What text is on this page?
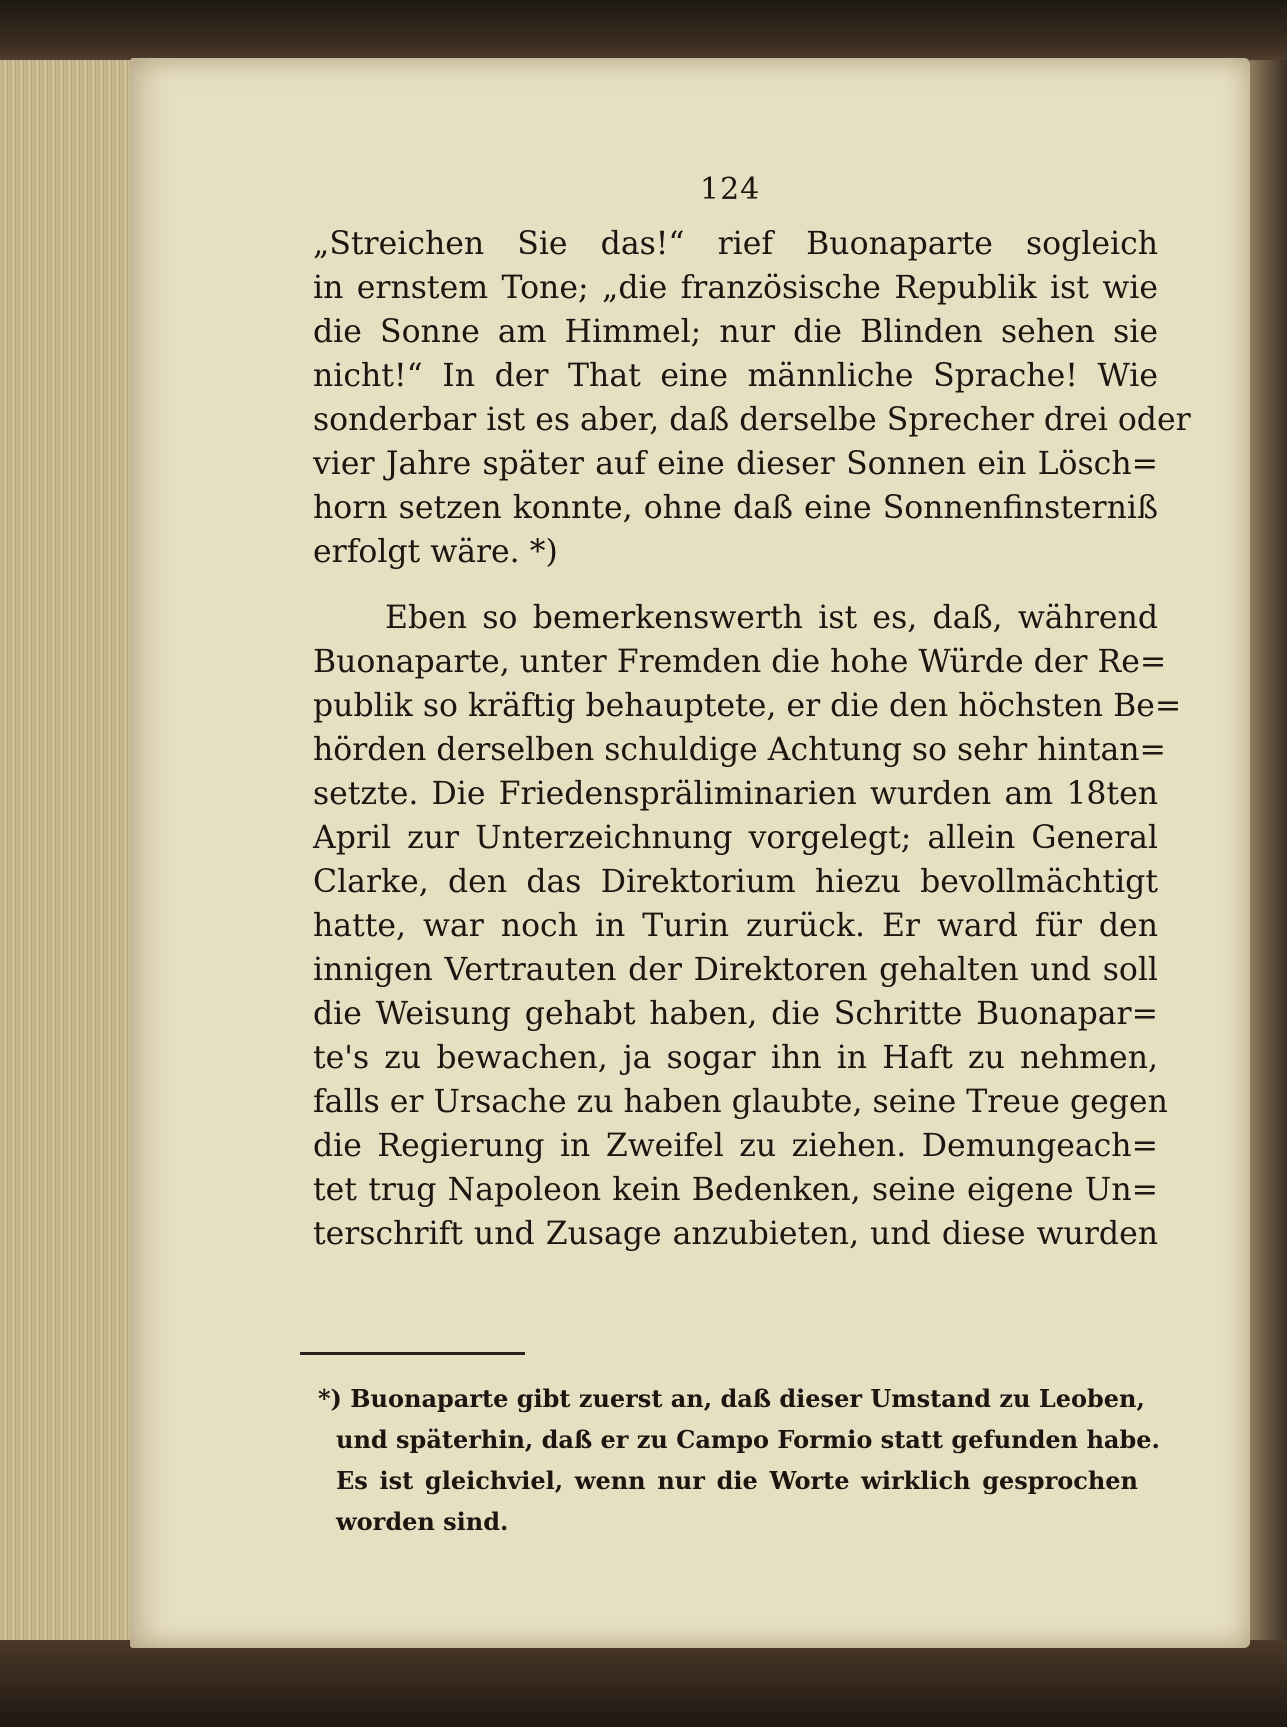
124
„Streichen Sie das!“ rief Buonaparte sogleich
in ernstem Tone; „die französische Republik ist wie
die Sonne am Himmel; nur die Blinden sehen sie
nicht!“ In der That eine männliche Sprache! Wie
sonderbar ist es aber, daß derselbe Sprecher drei oder
vier Jahre später auf eine dieser Sonnen ein Lösch=
horn setzen konnte, ohne daß eine Sonnenfinsterniß
erfolgt wäre. *)
Eben so bemerkenswerth ist es, daß, während
Buonaparte, unter Fremden die hohe Würde der Re=
publik so kräftig behauptete, er die den höchsten Be=
hörden derselben schuldige Achtung so sehr hintan=
setzte. Die Friedenspräliminarien wurden am 18ten
April zur Unterzeichnung vorgelegt; allein General
Clarke, den das Direktorium hiezu bevollmächtigt
hatte, war noch in Turin zurück. Er ward für den
innigen Vertrauten der Direktoren gehalten und soll
die Weisung gehabt haben, die Schritte Buonapar=
te's zu bewachen, ja sogar ihn in Haft zu nehmen,
falls er Ursache zu haben glaubte, seine Treue gegen
die Regierung in Zweifel zu ziehen. Demungeach=
tet trug Napoleon kein Bedenken, seine eigene Un=
terschrift und Zusage anzubieten, und diese wurden
*) Buonaparte gibt zuerst an, daß dieser Umstand zu Leoben,
und späterhin, daß er zu Campo Formio statt gefunden habe.
Es ist gleichviel, wenn nur die Worte wirklich gesprochen
worden sind.
